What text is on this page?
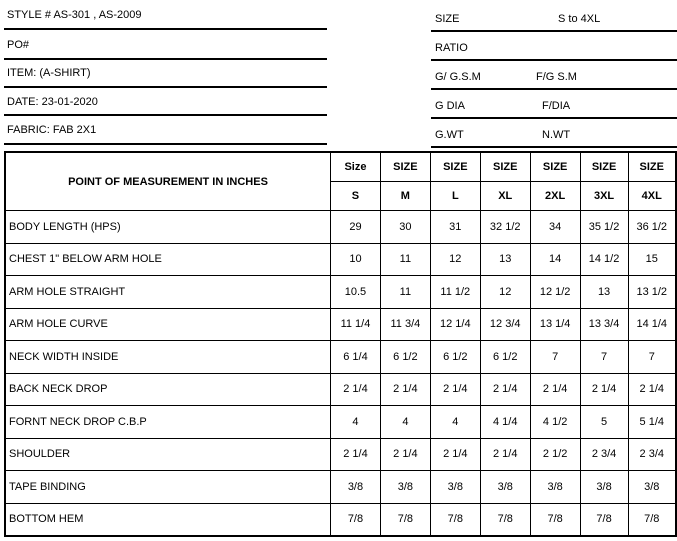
STYLE # AS-301 , AS-2009
PO#
ITEM: (A-SHIRT)
DATE: 23-01-2020
FABRIC: FAB 2X1
SIZE	S to 4XL
RATIO
G/ G.S.M	F/G S.M
G DIA	F/DIA
G.WT	N.WT
POINT OF MEASUREMENT IN INCHES	Size	SIZE	SIZE	SIZE	SIZE	SIZE	SIZE
	S	M	L	XL	2XL	3XL	4XL
BODY LENGTH (HPS)	29	30	31	32 1/2	34	35 1/2	36 1/2
CHEST 1" BELOW ARM HOLE	10	11	12	13	14	14 1/2	15
ARM HOLE STRAIGHT	10.5	11	11 1/2	12	12 1/2	13	13 1/2
ARM HOLE CURVE	11 1/4	11 3/4	12 1/4	12 3/4	13 1/4	13 3/4	14 1/4
NECK WIDTH INSIDE	6 1/4	6 1/2	6 1/2	6 1/2	7	7	7
BACK NECK DROP	2 1/4	2 1/4	2 1/4	2 1/4	2 1/4	2 1/4	2 1/4
FORNT NECK DROP C.B.P	4	4	4	4 1/4	4 1/2	5	5 1/4
SHOULDER	2 1/4	2 1/4	2 1/4	2 1/4	2 1/2	2 3/4	2 3/4
TAPE BINDING	3/8	3/8	3/8	3/8	3/8	3/8	3/8
BOTTOM HEM	7/8	7/8	7/8	7/8	7/8	7/8	7/8
